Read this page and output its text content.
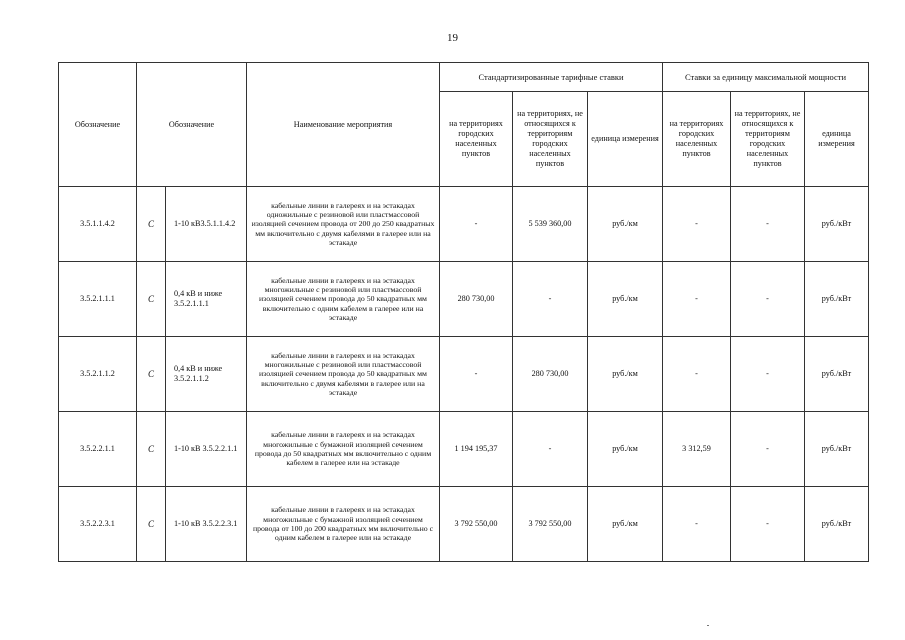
19
Обозначение	Обозначение		Наименование мероприятия	Стандартизированные тарифные ставки			Ставки за единицу максимальной мощности		
				на территориях городских населенных пунктов	на территориях, не относящихся к территориям городских населенных пунктов	единица измерения	на территориях городских населенных пунктов	на территориях, не относящихся к территориям городских населенных пунктов	единица измерения
3.5.1.1.4.2	С	1-10 кВ3.5.1.1.4.2	кабельные линии в галереях и на эстакадах одножильные с резиновой или пластмассовой изоляцией сечением провода от 200 до 250 квадратных мм включительно с двумя кабелями в галерее или на эстакаде	-	5 539 360,00	руб./км	-	-	руб./кВт
3.5.2.1.1.1	С	0,4 кВ и ниже 3.5.2.1.1.1	кабельные линии в галереях и на эстакадах многожильные с резиновой или пластмассовой изоляцией сечением провода до 50 квадратных мм включительно с одним кабелем в галерее или на эстакаде	280 730,00	-	руб./км	-	-	руб./кВт
3.5.2.1.1.2	С	0,4 кВ и ниже 3.5.2.1.1.2	кабельные линии в галереях и на эстакадах многожильные с резиновой или пластмассовой изоляцией сечением провода до 50 квадратных мм включительно с двумя кабелями в галерее или на эстакаде	-	280 730,00	руб./км	-	-	руб./кВт
3.5.2.2.1.1	С	1-10 кВ 3.5.2.2.1.1	кабельные линии в галереях и на эстакадах многожильные с бумажной изоляцией сечением провода до 50 квадратных мм включительно с одним кабелем в галерее или на эстакаде	1 194 195,37	-	руб./км	3 312,59	-	руб./кВт
3.5.2.2.3.1	С	1-10 кВ 3.5.2.2.3.1	кабельные линии в галереях и на эстакадах многожильные с бумажной изоляцией сечением провода от 100 до 200 квадратных мм включительно с одним кабелем в галерее или на эстакаде	3 792 550,00	3 792 550,00	руб./км	-	-	руб./кВт
